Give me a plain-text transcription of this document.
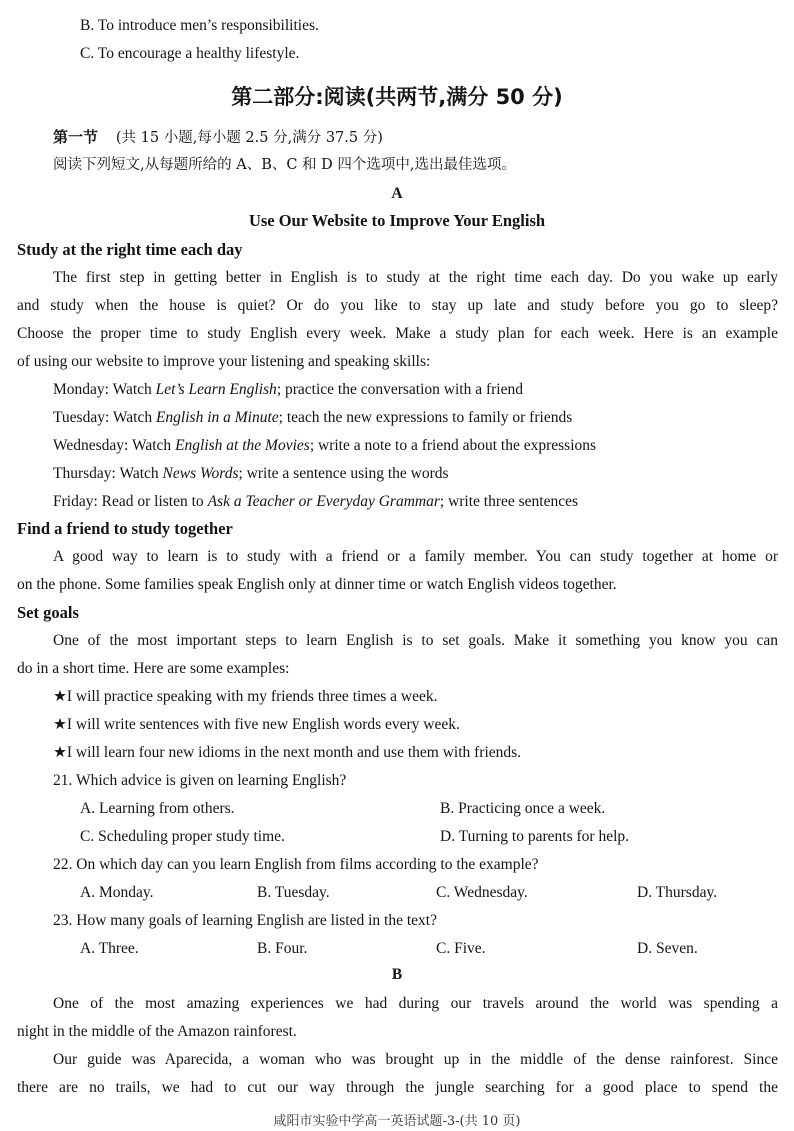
B. To introduce men’s responsibilities.
C. To encourage a healthy lifestyle.
第二部分:阅读(共两节,满分 50 分)
第一节 (共 15 小题,每小题 2.5 分,满分 37.5 分)
阅读下列短文,从每题所给的 A、B、C 和 D 四个选项中,选出最佳选项。
A
Use Our Website to Improve Your English
Study at the right time each day
The first step in getting better in English is to study at the right time each day. Do you wake up early
and study when the house is quiet? Or do you like to stay up late and study before you go to sleep?
Choose the proper time to study English every week. Make a study plan for each week. Here is an example
of using our website to improve your listening and speaking skills:
Monday: Watch Let’s Learn English; practice the conversation with a friend
Tuesday: Watch English in a Minute; teach the new expressions to family or friends
Wednesday: Watch English at the Movies; write a note to a friend about the expressions
Thursday: Watch News Words; write a sentence using the words
Friday: Read or listen to Ask a Teacher or Everyday Grammar; write three sentences
Find a friend to study together
A good way to learn is to study with a friend or a family member. You can study together at home or
on the phone. Some families speak English only at dinner time or watch English videos together.
Set goals
One of the most important steps to learn English is to set goals. Make it something you know you can
do in a short time. Here are some examples:
★I will practice speaking with my friends three times a week.
★I will write sentences with five new English words every week.
★I will learn four new idioms in the next month and use them with friends.
21. Which advice is given on learning English?
A. Learning from others.	B. Practicing once a week.
C. Scheduling proper study time.	D. Turning to parents for help.
22. On which day can you learn English from films according to the example?
A. Monday.	B. Tuesday.	C. Wednesday.	D. Thursday.
23. How many goals of learning English are listed in the text?
A. Three.	B. Four.	C. Five.	D. Seven.
B
One of the most amazing experiences we had during our travels around the world was spending a
night in the middle of the Amazon rainforest.
Our guide was Aparecida, a woman who was brought up in the middle of the dense rainforest. Since
there are no trails, we had to cut our way through the jungle searching for a good place to spend the
咸阳市实验中学高一英语试题-3-(共 10 页)
